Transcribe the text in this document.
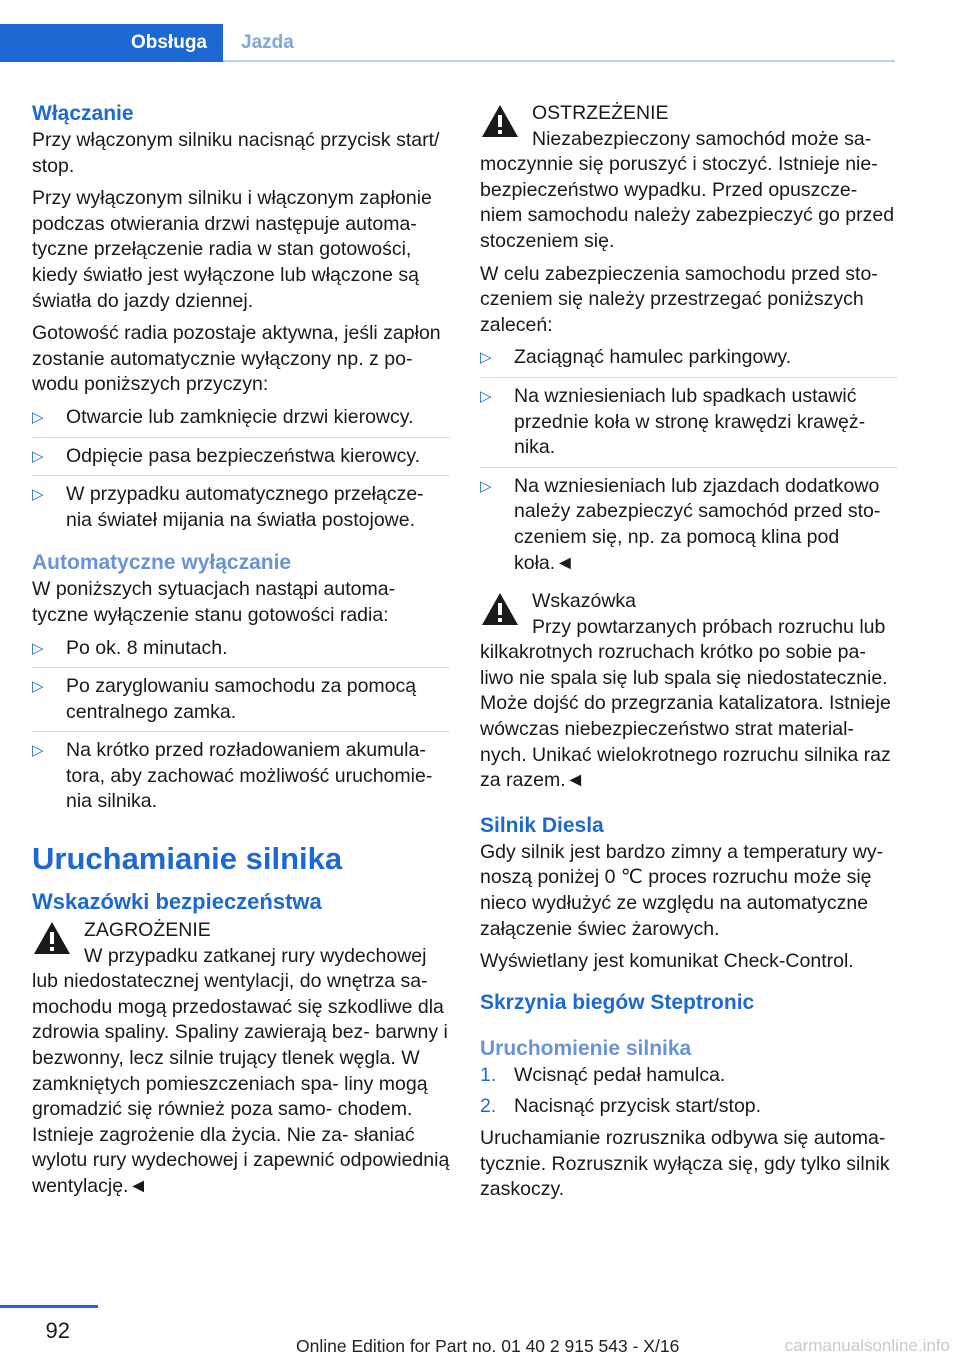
Obsługa	Jazda
Włączanie

Przy włączonym silniku nacisnąć przycisk start/ stop.

Przy wyłączonym silniku i włączonym zapłonie podczas otwierania drzwi następuje automa- tyczne przełączenie radia w stan gotowości, kiedy światło jest wyłączone lub włączone są światła do jazdy dziennej.

Gotowość radia pozostaje aktywna, jeśli zapłon zostanie automatycznie wyłączony np. z po- wodu poniższych przyczyn:

▷ Otwarcie lub zamknięcie drzwi kierowcy.
▷ Odpięcie pasa bezpieczeństwa kierowcy.
▷ W przypadku automatycznego przełącze- nia świateł mijania na światła postojowe.
Automatyczne wyłączanie

W poniższych sytuacjach nastąpi automa- tyczne wyłączenie stanu gotowości radia:

▷ Po ok. 8 minutach.
▷ Po zaryglowaniu samochodu za pomocą centralnego zamka.
▷ Na krótko przed rozładowaniem akumula- tora, aby zachować możliwość uruchomie- nia silnika.
Uruchamianie silnika
Wskazówki bezpieczeństwa
ZAGROŻENIE
W przypadku zatkanej rury wydechowej lub niedostatecznej wentylacji, do wnętrza sa- mochodu mogą przedostawać się szkodliwe dla zdrowia spaliny. Spaliny zawierają bez- barwny i bezwonny, lecz silnie trujący tlenek węgla. W zamkniętych pomieszczeniach spa- liny mogą gromadzić się również poza samo- chodem. Istnieje zagrożenie dla życia. Nie za- słaniać wylotu rury wydechowej i zapewnić odpowiednią wentylację.◄
OSTRZEŻENIE
Niezabezpieczony samochód może sa- moczynnie się poruszyć i stoczyć. Istnieje nie- bezpieczeństwo wypadku. Przed opuszcze- niem samochodu należy zabezpieczyć go przed stoczeniem się.

W celu zabezpieczenia samochodu przed sto- czeniem się należy przestrzegać poniższych zaleceń:

▷ Zaciągnąć hamulec parkingowy.
▷ Na wzniesieniach lub spadkach ustawić przednie koła w stronę krawędzi krawęż- nika.
▷ Na wzniesieniach lub zjazdach dodatkowo należy zabezpieczyć samochód przed sto- czeniem się, np. za pomocą klina pod koła.◄
Wskazówka
Przy powtarzanych próbach rozruchu lub kilkakrotnych rozruchach krótko po sobie pa- liwo nie spala się lub spala się niedostatecznie. Może dojść do przegrzania katalizatora. Istnieje wówczas niebezpieczeństwo strat material- nych. Unikać wielokrotnego rozruchu silnika raz za razem.◄
Silnik Diesla

Gdy silnik jest bardzo zimny a temperatury wy- noszą poniżej 0 ℃ proces rozruchu może się nieco wydłużyć ze względu na automatyczne załączenie świec żarowych.

Wyświetlany jest komunikat Check-Control.

Skrzynia biegów Steptronic
Uruchomienie silnika
1. Wcisnąć pedał hamulca.
2. Nacisnąć przycisk start/stop.

Uruchamianie rozrusznika odbywa się automa- tycznie. Rozrusznik wyłącza się, gdy tylko silnik zaskoczy.

92
Online Edition for Part no. 01 40 2 915 543 - X/16	carmanualsonline.info
